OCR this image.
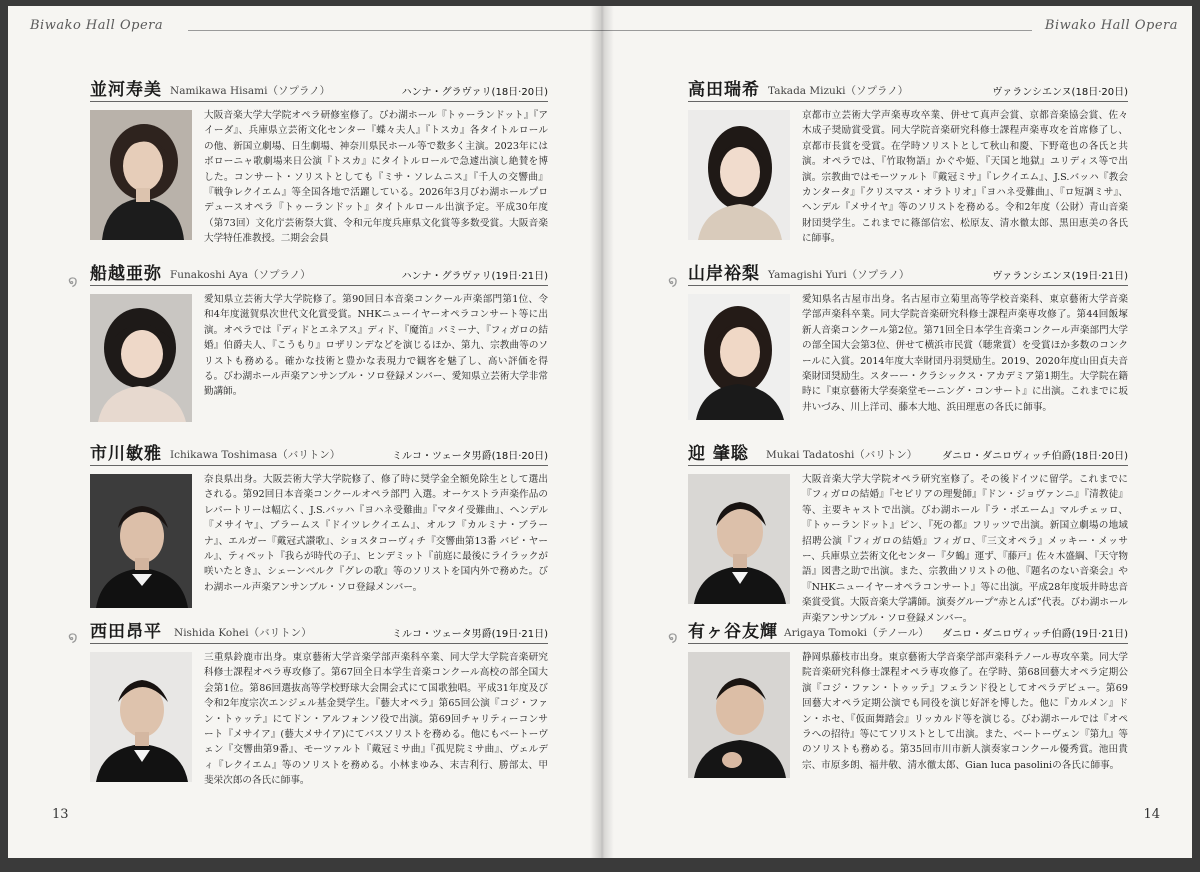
Biwako Hall Opera
並河寿美 Namikawa Hisami（ソプラノ）	ハンナ・グラヴァリ(18日·20日)
大阪音楽大学大学院オペラ研修室修了。びわ湖ホール『トゥーランドット』『アイーダ』、兵庫県立芸術文化センター『蝶々夫人』『トスカ』各タイトルロールの他、新国立劇場、日生劇場、神奈川県民ホール等で数多く主演。2023年にはボローニャ歌劇場来日公演『トスカ』にタイトルロールで急遽出演し絶賛を博した。コンサート・ソリストとしても『ミサ・ソレムニス』『千人の交響曲』『戦争レクイエム』等全国各地で活躍している。2026年3月びわ湖ホールプロデュースオペラ『トゥーランドット』タイトルロール出演予定。平成30年度（第73回）文化庁芸術祭大賞、令和元年度兵庫県文化賞等多数受賞。大阪音楽大学特任准教授。二期会会員
船越亜弥 Funakoshi Aya（ソプラノ）	ハンナ・グラヴァリ(19日·21日)
愛知県立芸術大学大学院修了。第90回日本音楽コンクール声楽部門第1位、令和4年度滋賀県次世代文化賞受賞。NHKニューイヤーオペラコンサート等に出演。オペラでは『ディドとエネアス』ディド、『魔笛』パミーナ、『フィガロの結婚』伯爵夫人、『こうもり』ロザリンデなどを演じるほか、第九、宗教曲等のソリストも務める。確かな技術と豊かな表現力で観客を魅了し、高い評価を得る。びわ湖ホール声楽アンサンブル・ソロ登録メンバー、愛知県立芸術大学非常勤講師。
໑
市川敏雅 Ichikawa Toshimasa（バリトン）	ミルコ・ツェータ男爵(18日·20日)
奈良県出身。大阪芸術大学大学院修了、修了時に奨学金全額免除生として選出される。第92回日本音楽コンクールオペラ部門 入選。オーケストラ声楽作品のレパートリーは幅広く、J.S.バッハ『ヨハネ受難曲』『マタイ受難曲』、ヘンデル『メサイヤ』、ブラームス『ドイツレクイエム』、オルフ『カルミナ・ブラーナ』、エルガー『戴冠式讃歌』、ショスタコーヴィチ『交響曲第13番 バビ・ヤール』、ティペット『我らが時代の子』、ヒンデミット『前庭に最後にライラックが咲いたとき』、シェーンベルク『グレの歌』等のソリストを国内外で務めた。びわ湖ホール声楽アンサンブル・ソロ登録メンバー。
西田昂平 Nishida Kohei（バリトン）	ミルコ・ツェータ男爵(19日·21日)
三重県鈴鹿市出身。東京藝術大学音楽学部声楽科卒業、同大学大学院音楽研究科修士課程オペラ専攻修了。第67回全日本学生音楽コンクール高校の部全国大会第1位。第86回選抜高等学校野球大会開会式にて国歌独唱。平成31年度及び令和2年度宗次エンジェル基金奨学生。『藝大オペラ』第65回公演『コジ・ファン・トゥッテ』にてドン・アルフォンソ役で出演。第69回チャリティーコンサート『メサイア』(藝大メサイア)にてバスソリストを務める。他にもベートーヴェン『交響曲第9番』、モーツァルト『戴冠ミサ曲』『孤児院ミサ曲』、ヴェルディ『レクイエム』等のソリストを務める。小林まゆみ、末吉利行、勝部太、甲斐栄次郎の各氏に師事。
໑
13
Biwako Hall Opera
高田瑞希 Takada Mizuki（ソプラノ）	ヴァランシエンヌ(18日·20日)
京都市立芸術大学声楽専攻卒業、併せて真声会賞、京都音楽協会賞、佐々木成子奨励賞受賞。同大学院音楽研究科修士課程声楽専攻を首席修了し、京都市長賞を受賞。在学時ソリストとして秋山和慶、下野竜也の各氏と共演。オペラでは、『竹取物語』かぐや姫、『天国と地獄』ユリディス等で出演。宗教曲ではモーツァルト『戴冠ミサ』『レクイエム』、J.S.バッハ『教会カンタータ』『クリスマス・オラトリオ』『ヨハネ受難曲』、『ロ短調ミサ』、ヘンデル『メサイヤ』等のソリストを務める。令和2年度（公財）青山音楽財団奨学生。これまでに篠部信宏、松原友、清水徹太郎、黒田恵美の各氏に師事。
山岸裕梨 Yamagishi Yuri（ソプラノ）	ヴァランシエンヌ(19日·21日)
愛知県名古屋市出身。名古屋市立菊里高等学校音楽科、東京藝術大学音楽学部声楽科卒業。同大学院音楽研究科修士課程声楽専攻修了。第44回飯塚新人音楽コンクール第2位。第71回全日本学生音楽コンクール声楽部門大学の部全国大会第3位、併せて横浜市民賞（聴衆賞）を受賞ほか多数のコンクールに入賞。2014年度大幸財団丹羽奨励生。2019、2020年度山田貞夫音楽財団奨励生。スターー・クラシックス・アカデミア第1期生。大学院在籍時に『東京藝術大学奏楽堂モーニング・コンサート』に出演。これまでに坂井いづみ、川上洋司、藤本大地、浜田理恵の各氏に師事。
໑
迎 肇聡 Mukai Tadatoshi（バリトン） ダニロ・ダニロヴィッチ伯爵(18日·20日)
大阪音楽大学大学院オペラ研究室修了。その後ドイツに留学。これまでに『フィガロの結婚』『セビリアの理髪師』『ドン・ジョヴァンニ』『清教徒』等、主要キャストで出演。びわ湖ホール『ラ・ボエーム』マルチェッロ、『トゥーランドット』ピン、『死の都』フリッツで出演。新国立劇場の地域招聘公演『フィガロの結婚』フィガロ、『三文オペラ』メッキー・メッサー、兵庫県立芸術文化センター『夕鶴』運ず、『藤戸』佐々木盛綱、『天守物語』図書之助で出演。また、宗教曲ソリストの他、『題名のない音楽会』や『NHKニューイヤーオペラコンサート』等に出演。平成28年度坂井時忠音楽賞受賞。大阪音楽大学講師。演奏グループ“赤とんぼ”代表。びわ湖ホール声楽アンサンブル・ソロ登録メンバー。
有ヶ谷友輝 Arigaya Tomoki（テノール） ダニロ・ダニロヴィッチ伯爵(19日·21日)
静岡県藤枝市出身。東京藝術大学音楽学部声楽科テノール専攻卒業。同大学院音楽研究科修士課程オペラ専攻修了。在学時、第68回藝大オペラ定期公演『コジ・ファン・トゥッテ』フェランド役としてオペラデビュー。第69回藝大オペラ定期公演でも同役を演じ好評を博した。他に『カルメン』ドン・ホセ、『仮面舞踏会』リッカルド等を演じる。びわ湖ホールでは『オペラへの招待』等にてソリストとして出演。また、ベートーヴェン『第九』等のソリストも務める。第35回市川市新人演奏家コンクール優秀賞。池田貴宗、市原多朗、福井敬、清水徹太郎、Gian luca pasoliniの各氏に師事。
໑
14
